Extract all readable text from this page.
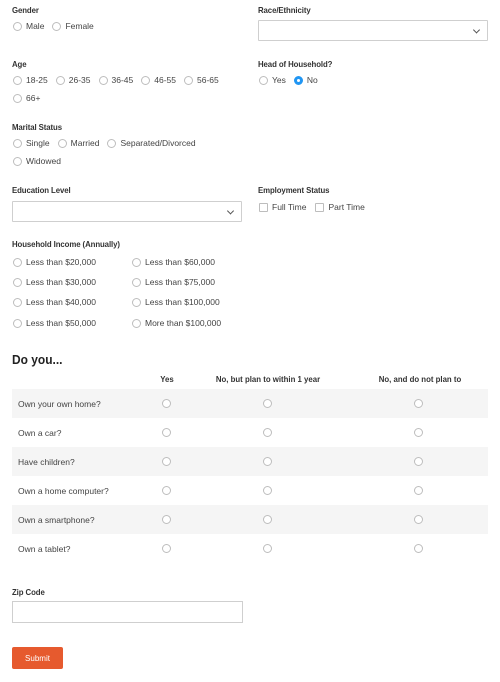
Gender
Male Female
Race/Ethnicity
Age
18-25 26-35 36-45 46-55 56-65
66+
Head of Household?
Yes No
Marital Status
Single Married Separated/Divorced
Widowed
Education Level	Employment Status
Full Time	Part Time
Household Income (Annually)
Less than $20,000
Less than $30,000
Less than $40,000
Less than $50,000
Less than $60,000
Less than $75,000
Less than $100,000
More than $100,000
Do you...
Yes	No, but plan to within 1 year	No, and do not plan to
Own your own home?
Own a car?
Have children?
Own a home computer?
Own a smartphone?
Own a tablet?
Zip Code
Submit
